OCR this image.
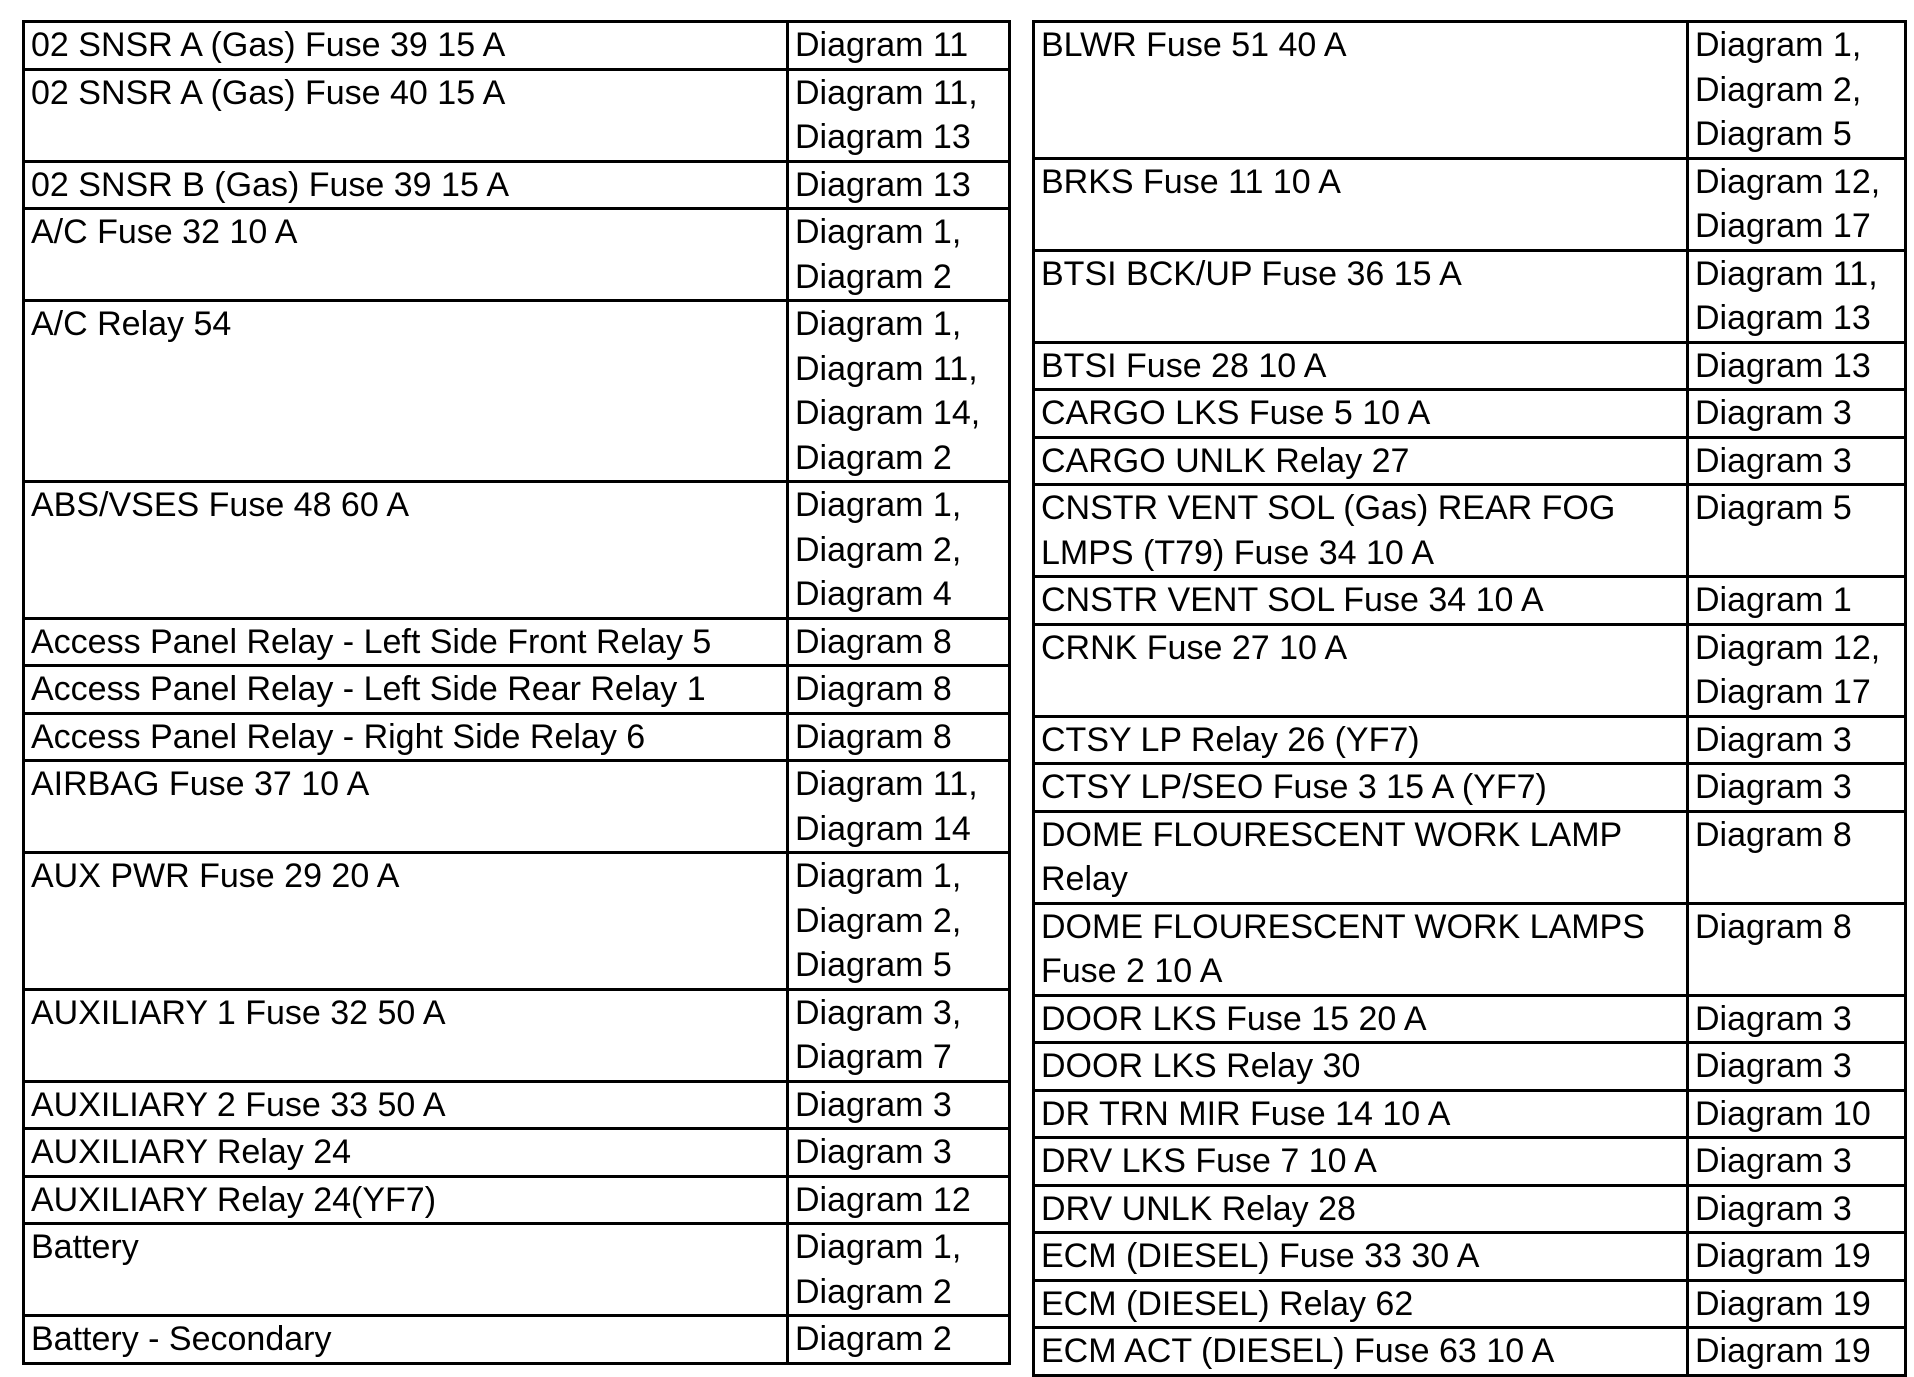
02 SNSR A (Gas) Fuse 39 15 A	Diagram 11
02 SNSR A (Gas) Fuse 40 15 A	Diagram 11,
Diagram 13
02 SNSR B (Gas) Fuse 39 15 A	Diagram 13
A/C Fuse 32 10 A	Diagram 1,
Diagram 2
A/C Relay 54	Diagram 1,
Diagram 11,
Diagram 14,
Diagram 2
ABS/VSES Fuse 48 60 A	Diagram 1,
Diagram 2,
Diagram 4
Access Panel Relay - Left Side Front Relay 5	Diagram 8
Access Panel Relay - Left Side Rear Relay 1	Diagram 8
Access Panel Relay - Right Side Relay 6	Diagram 8
AIRBAG Fuse 37 10 A	Diagram 11,
Diagram 14
AUX PWR Fuse 29 20 A	Diagram 1,
Diagram 2,
Diagram 5
AUXILIARY 1 Fuse 32 50 A	Diagram 3,
Diagram 7
AUXILIARY 2 Fuse 33 50 A	Diagram 3
AUXILIARY Relay 24	Diagram 3
AUXILIARY Relay 24(YF7)	Diagram 12
Battery	Diagram 1,
Diagram 2
Battery - Secondary	Diagram 2
BLWR Fuse 51 40 A	Diagram 1,
Diagram 2,
Diagram 5
BRKS Fuse 11 10 A	Diagram 12,
Diagram 17
BTSI BCK/UP Fuse 36 15 A	Diagram 11,
Diagram 13
BTSI Fuse 28 10 A	Diagram 13
CARGO LKS Fuse 5 10 A	Diagram 3
CARGO UNLK Relay 27	Diagram 3
CNSTR VENT SOL (Gas) REAR FOG LMPS (T79) Fuse 34 10 A	Diagram 5
CNSTR VENT SOL Fuse 34 10 A	Diagram 1
CRNK Fuse 27 10 A	Diagram 12,
Diagram 17
CTSY LP Relay 26 (YF7)	Diagram 3
CTSY LP/SEO Fuse 3 15 A (YF7)	Diagram 3
DOME FLOURESCENT WORK LAMP Relay	Diagram 8
DOME FLOURESCENT WORK LAMPS Fuse 2 10 A	Diagram 8
DOOR LKS Fuse 15 20 A	Diagram 3
DOOR LKS Relay 30	Diagram 3
DR TRN MIR Fuse 14 10 A	Diagram 10
DRV LKS Fuse 7 10 A	Diagram 3
DRV UNLK Relay 28	Diagram 3
ECM (DIESEL) Fuse 33 30 A	Diagram 19
ECM (DIESEL) Relay 62	Diagram 19
ECM ACT (DIESEL) Fuse 63 10 A	Diagram 19
